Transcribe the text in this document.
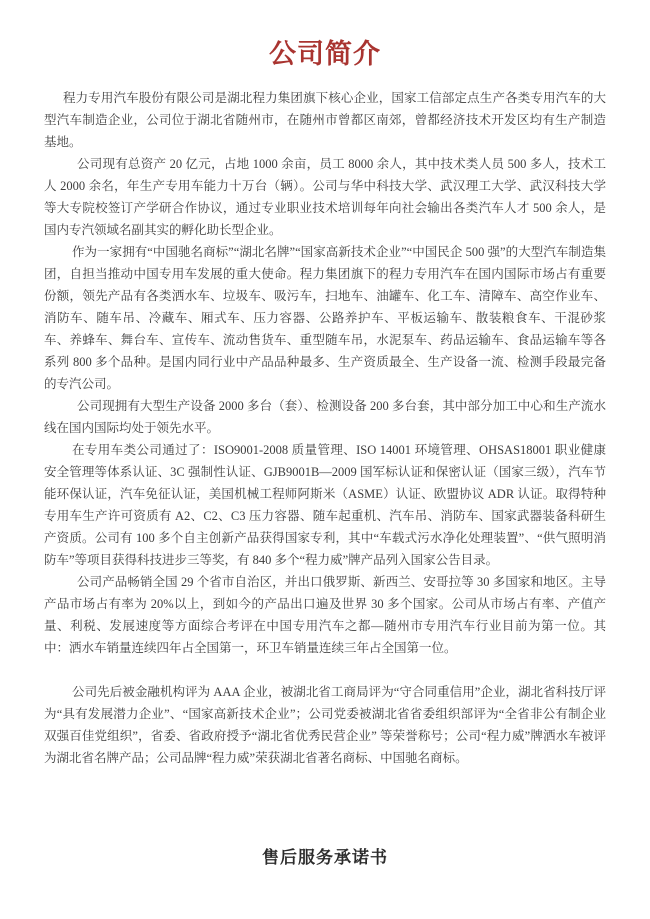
公司简介

程力专用汽车股份有限公司是湖北程力集团旗下核心企业，国家工信部定点生产各类专用汽车的大型汽车制造企业，公司位于湖北省随州市，在随州市曾都区南郊，曾都经济技术开发区均有生产制造基地。

公司现有总资产 20 亿元，占地 1000 余亩，员工 8000 余人，其中技术类人员 500 多人，技术工人 2000 余名，年生产专用车能力十万台（辆）。公司与华中科技大学、武汉理工大学、武汉科技大学等大专院校签订产学研合作协议，通过专业职业技术培训每年向社会输出各类汽车人才 500 余人，是国内专汽领域名副其实的孵化助长型企业。

作为一家拥有“中国驰名商标”“湖北名牌”“国家高新技术企业”“中国民企 500 强”的大型汽车制造集团，自担当推动中国专用车发展的重大使命。程力集团旗下的程力专用汽车在国内国际市场占有重要份额，领先产品有各类洒水车、垃圾车、吸污车，扫地车、油罐车、化工车、清障车、高空作业车、消防车、随车吊、冷藏车、厢式车、压力容器、公路养护车、平板运输车、散装粮食车、干混砂浆车、养蜂车、舞台车、宣传车、流动售货车、重型随车吊，水泥泵车、药品运输车、食品运输车等各系列 800 多个品种。是国内同行业中产品品种最多、生产资质最全、生产设备一流、检测手段最完备的专汽公司。

公司现拥有大型生产设备 2000 多台（套）、检测设备 200 多台套，其中部分加工中心和生产流水线在国内国际均处于领先水平。

在专用车类公司通过了：ISO9001-2008 质量管理、ISO 14001 环境管理、OHSAS18001 职业健康安全管理等体系认证、3C 强制性认证、GJB9001B—2009 国军标认证和保密认证（国家三级），汽车节能环保认证，汽车免征认证，美国机械工程师阿斯米（ASME）认证、欧盟协议 ADR 认证。取得特种专用车生产许可资质有 A2、C2、C3 压力容器、随车起重机、汽车吊、消防车、国家武器装备科研生产资质。公司有 100 多个自主创新产品获得国家专利，其中“车载式污水净化处理装置”、“供气照明消防车”等项目获得科技进步三等奖，有 840 多个“程力威”牌产品列入国家公告目录。

公司产品畅销全国 29 个省市自治区，并出口俄罗斯、新西兰、安哥拉等 30 多国家和地区。主导产品市场占有率为 20%以上，到如今的产品出口遍及世界 30 多个国家。公司从市场占有率、产值产量、利税、发展速度等方面综合考评在中国专用汽车之都—随州市专用汽车行业目前为第一位。其中：洒水车销量连续四年占全国第一，环卫车销量连续三年占全国第一位。

公司先后被金融机构评为 AAA 企业，被湖北省工商局评为“守合同重信用”企业，湖北省科技厅评为“具有发展潜力企业”、“国家高新技术企业”；公司党委被湖北省省委组织部评为“全省非公有制企业双强百佳党组织”，省委、省政府授予“湖北省优秀民营企业” 等荣誉称号；公司“程力威”牌洒水车被评为湖北省名牌产品；公司品牌“程力威”荣获湖北省著名商标、中国驰名商标。

售后服务承诺书
